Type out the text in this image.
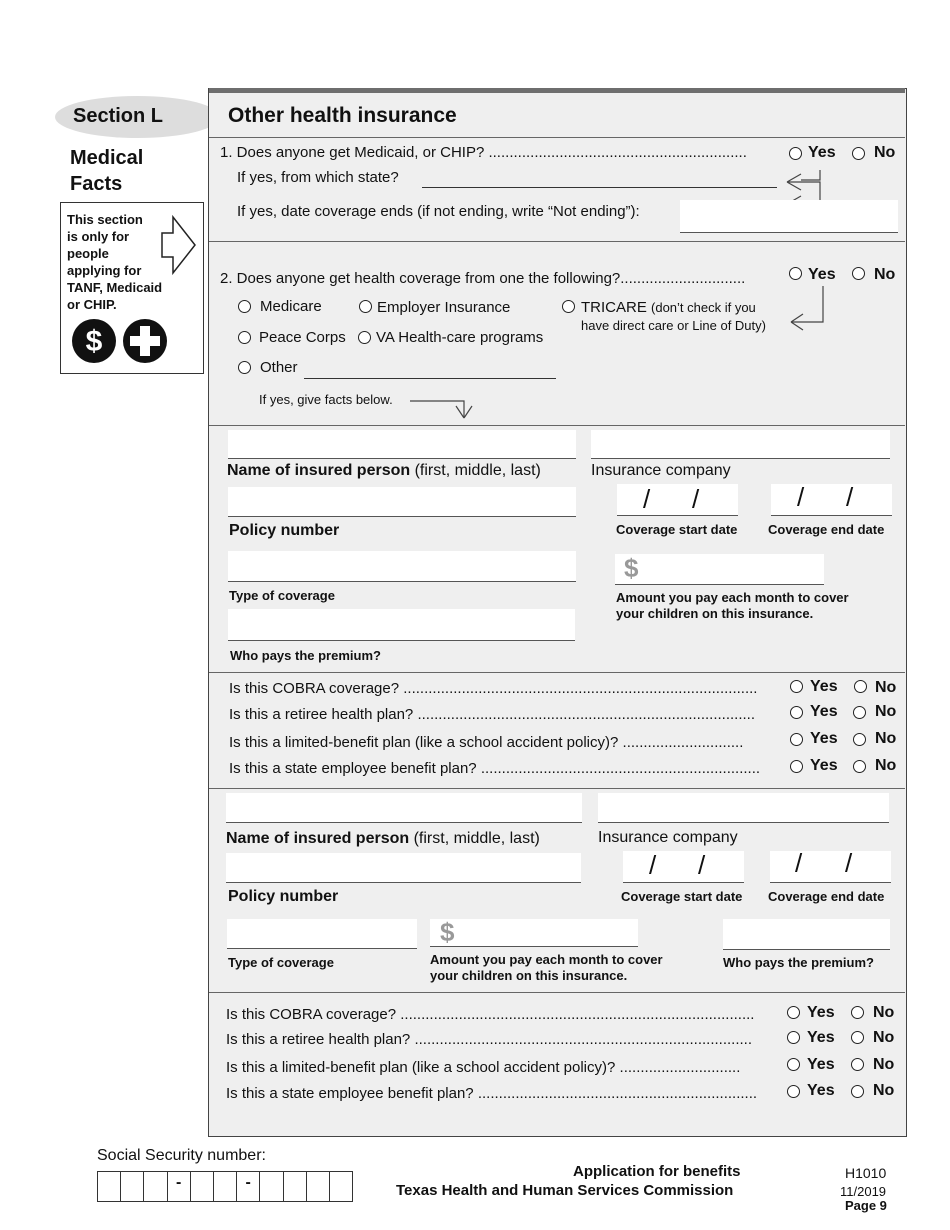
Section L
Medical
Facts
This section
is only for
people
applying for
TANF, Medicaid
or CHIP.
$
Other health insurance
1. Does anyone get Medicaid, or CHIP? ..............................................................	Yes No
If yes, from which state?
If yes, date coverage ends (if not ending, write “Not ending”):
2. Does anyone get health coverage from one the following?..............................	Yes No
Medicare	Employer Insurance	TRICARE (don’t check if you
have direct care or Line of Duty)
Peace Corps VA Health-care programs
Other
If yes, give facts below.
Name of insured person (first, middle, last)	Insurance company
/ /	/ /
Policy number	Coverage start date Coverage end date
$
Type of coverage	Amount you pay each month to cover
your children on this insurance.
Who pays the premium?
Is this COBRA coverage? .....................................................................................	Yes No
Is this a retiree health plan? .................................................................................	Yes No
Is this a limited-benefit plan (like a school accident policy)? .............................	Yes No
Is this a state employee benefit plan? ...................................................................	Yes No
Name of insured person (first, middle, last)	Insurance company
/ /	/ /
Policy number	Coverage start date Coverage end date
$
Type of coverage	Amount you pay each month to cover
your children on this insurance.
Who pays the premium?
Is this COBRA coverage? .....................................................................................	Yes No
Is this a retiree health plan? .................................................................................	Yes No
Is this a limited-benefit plan (like a school accident policy)? .............................	Yes No
Is this a state employee benefit plan? ...................................................................	Yes No
Social Security number:
-	-
Application for benefits
Texas Health and Human Services Commission
H1010
11/2019
Page 9
